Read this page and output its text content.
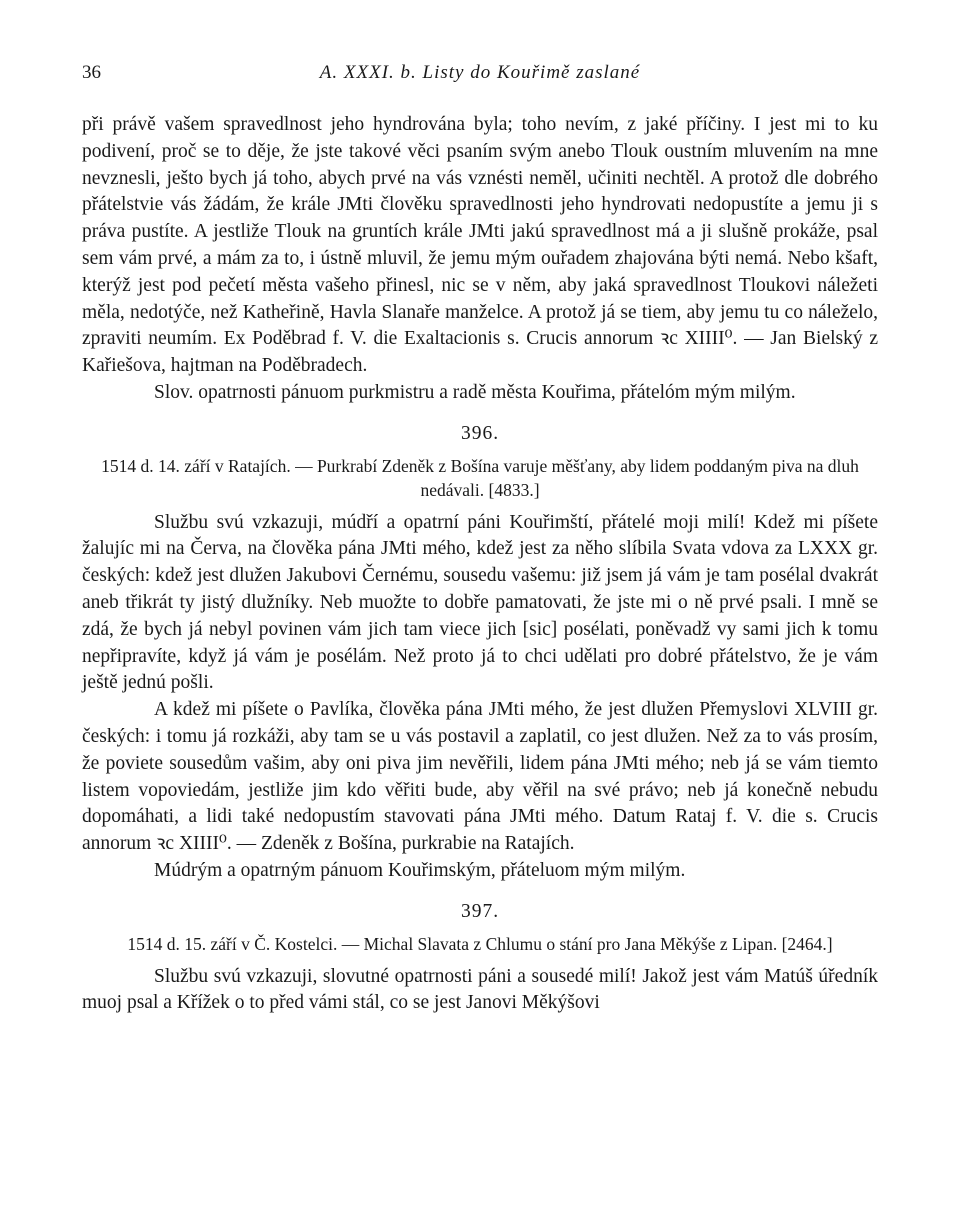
36	A. XXXI. b. Listy do Kouřimě zaslané

při právě vašem spravedlnost jeho hyndrována byla; toho nevím, z jaké příčiny. I jest mi to ku podivení, proč se to děje, že jste takové věci psaním svým anebo Tlouk oustním mluvením na mne nevznesli, ješto bych já toho, abych prvé na vás vznésti neměl, učiniti nechtěl. A protož dle dobrého přátelstvie vás žádám, že krále JMti člověku spravedlnosti jeho hyndrovati nedopustíte a jemu ji s práva pustíte. A jestliže Tlouk na gruntích krále JMti jakú spravedlnost má a ji slušně prokáže, psal sem vám prvé, a mám za to, i ústně mluvil, že jemu mým ouřadem zhajována býti nemá. Nebo kšaft, kterýž jest pod pečetí města vašeho přinesl, nic se v něm, aby jaká spravedlnost Tloukovi náležeti měla, nedotýče, než Katheřině, Havla Slanaře manželce. A protož já se tiem, aby jemu tu co náleželo, zpraviti neumím. Ex Poděbrad f. V. die Exaltacionis s. Crucis annorum ꝛc XIIII⁰. — Jan Bielský z Kařiešova, hajtman na Poděbradech.

Slov. opatrnosti pánuom purkmistru a radě města Kouřima, přátelóm mým milým.

396.
1514 d. 14. září v Ratajích. — Purkrabí Zdeněk z Bošína varuje měšťany, aby lidem poddaným piva na dluh nedávali. [4833.]

Službu svú vzkazuji, múdří a opatrní páni Kouřimští, přátelé moji milí! Kdež mi píšete žalujíc mi na Červa, na člověka pána JMti mého, kdež jest za něho slíbila Svata vdova za LXXX gr. českých: kdež jest dlužen Jakubovi Černému, sousedu vašemu: již jsem já vám je tam posélal dvakrát aneb třikrát ty jistý dlužníky. Neb muožte to dobře pamatovati, že jste mi o ně prvé psali. I mně se zdá, že bych já nebyl povinen vám jich tam viece jich [sic] posélati, poněvadž vy sami jich k tomu nepřipravíte, když já vám je posélám. Než proto já to chci udělati pro dobré přátelstvo, že je vám ještě jednú pošli.

A kdež mi píšete o Pavlíka, člověka pána JMti mého, že jest dlužen Přemyslovi XLVIII gr. českých: i tomu já rozkáži, aby tam se u vás postavil a zaplatil, co jest dlužen. Než za to vás prosím, že poviete sousedům vašim, aby oni piva jim nevěřili, lidem pána JMti mého; neb já se vám tiemto listem vopoviedám, jestliže jim kdo věřiti bude, aby věřil na své právo; neb já konečně nebudu dopomáhati, a lidi také nedopustím stavovati pána JMti mého. Datum Rataj f. V. die s. Crucis annorum ꝛc XIIII⁰. — Zdeněk z Bošína, purkrabie na Ratajích.

Múdrým a opatrným pánuom Kouřimským, přáteluom mým milým.

397.
1514 d. 15. září v Č. Kostelci. — Michal Slavata z Chlumu o stání pro Jana Měkýše z Lipan. [2464.]

Službu svú vzkazuji, slovutné opatrnosti páni a sousedé milí! Jakož jest vám Matúš úředník muoj psal a Křížek o to před vámi stál, co se jest Janovi Měkýšovi
